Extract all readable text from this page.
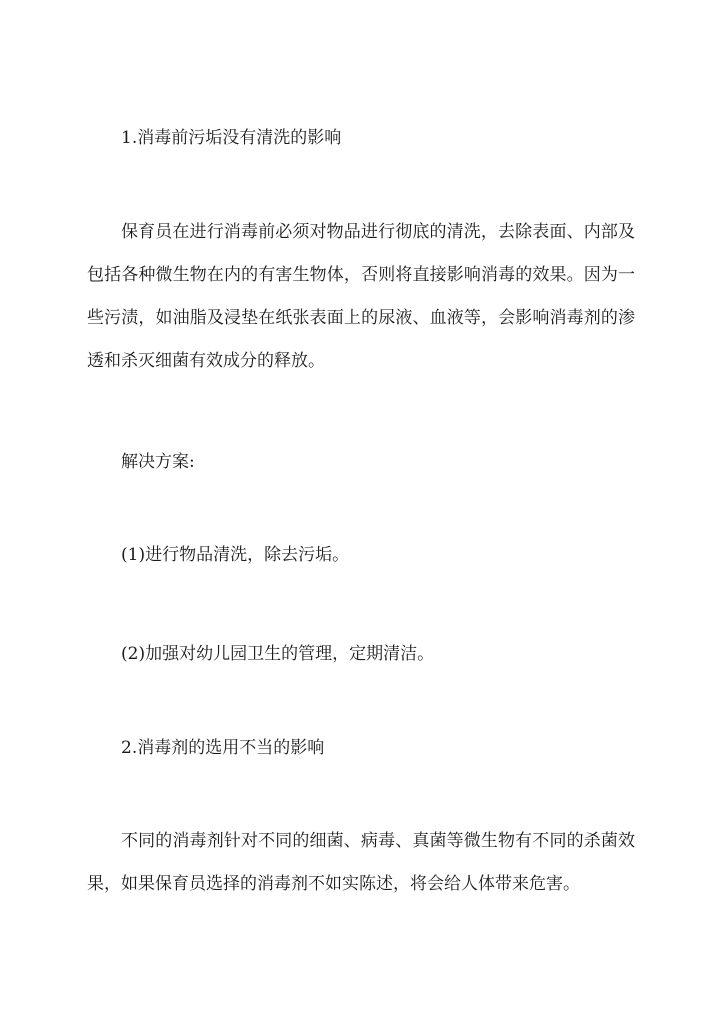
1.消毒前污垢没有清洗的影响
保育员在进行消毒前必须对物品进行彻底的清洗，去除表面、内部及包括各种微生物在内的有害生物体，否则将直接影响消毒的效果。因为一些污渍，如油脂及浸垫在纸张表面上的尿液、血液等，会影响消毒剂的渗透和杀灭细菌有效成分的释放。
解决方案:
(1)进行物品清洗，除去污垢。
(2)加强对幼儿园卫生的管理，定期清洁。
2.消毒剂的选用不当的影响
不同的消毒剂针对不同的细菌、病毒、真菌等微生物有不同的杀菌效果，如果保育员选择的消毒剂不如实陈述，将会给人体带来危害。
